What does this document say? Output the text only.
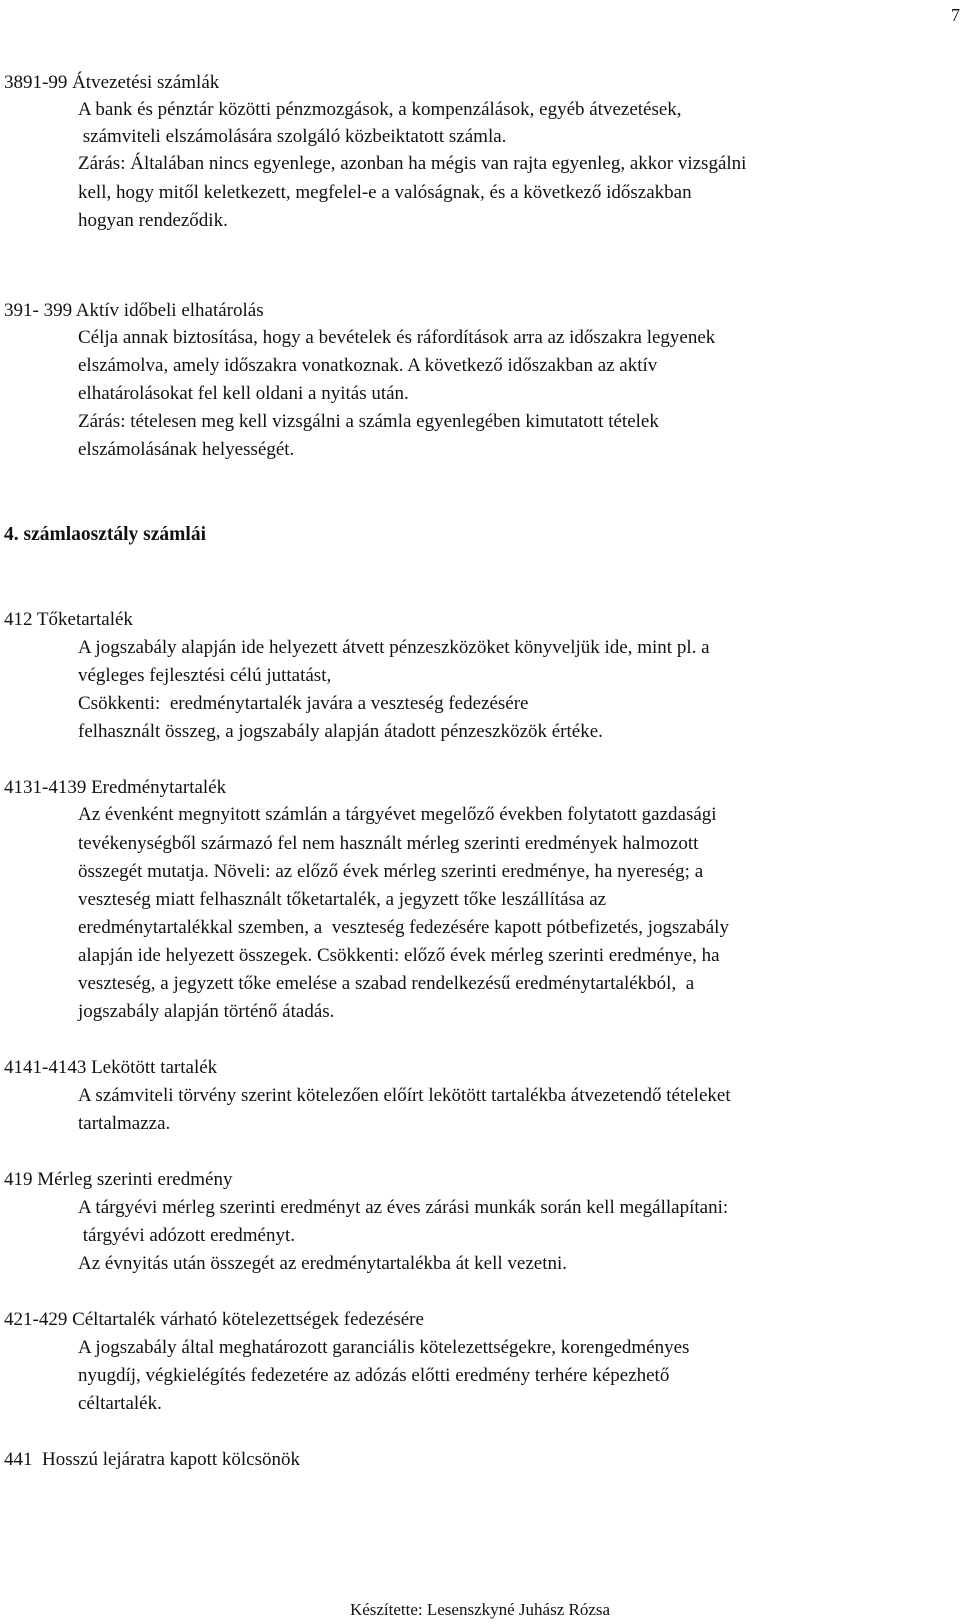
7
3891-99 Átvezetési számlák
A bank és pénztár közötti pénzmozgások, a kompenzálások, egyéb átvezetések,
számviteli elszámolására szolgáló közbeiktatott számla.
Zárás: Általában nincs egyenlege, azonban ha mégis van rajta egyenleg, akkor vizsgálni
kell, hogy mitől keletkezett, megfelel-e a valóságnak, és a következő időszakban
hogyan rendeződik.
391- 399 Aktív időbeli elhatárolás
Célja annak biztosítása, hogy a bevételek és ráfordítások arra az időszakra legyenek
elszámolva, amely időszakra vonatkoznak. A következő időszakban az aktív
elhatárolásokat fel kell oldani a nyitás után.
Zárás: tételesen meg kell vizsgálni a számla egyenlegében kimutatott tételek
elszámolásának helyességét.
4. számlaosztály számlái
412 Tőketartalék
A jogszabály alapján ide helyezett átvett pénzeszközöket könyveljük ide, mint pl. a
végleges fejlesztési célú juttatást,
Csökkenti:  eredménytartalék javára a veszteség fedezésére
felhasznált összeg, a jogszabály alapján átadott pénzeszközök értéke.
4131-4139 Eredménytartalék
Az évenként megnyitott számlán a tárgyévet megelőző években folytatott gazdasági
tevékenységből származó fel nem használt mérleg szerinti eredmények halmozott
összegét mutatja. Növeli: az előző évek mérleg szerinti eredménye, ha nyereség; a
veszteség miatt felhasznált tőketartalék, a jegyzett tőke leszállítása az
eredménytartalékkal szemben, a  veszteség fedezésére kapott pótbefizetés, jogszabály
alapján ide helyezett összegek. Csökkenti: előző évek mérleg szerinti eredménye, ha
veszteség, a jegyzett tőke emelése a szabad rendelkezésű eredménytartalékból,  a
jogszabály alapján történő átadás.
4141-4143 Lekötött tartalék
A számviteli törvény szerint kötelezően előírt lekötött tartalékba átvezetendő tételeket
tartalmazza.
419 Mérleg szerinti eredmény
A tárgyévi mérleg szerinti eredményt az éves zárási munkák során kell megállapítani:
tárgyévi adózott eredményt.
Az évnyitás után összegét az eredménytartalékba át kell vezetni.
421-429 Céltartalék várható kötelezettségek fedezésére
A jogszabály által meghatározott garanciális kötelezettségekre, korengedményes
nyugdíj, végkielégítés fedezetére az adózás előtti eredmény terhére képezhető
céltartalék.
441  Hosszú lejáratra kapott kölcsönök
Készítette: Lesenszkyné Juhász Rózsa
